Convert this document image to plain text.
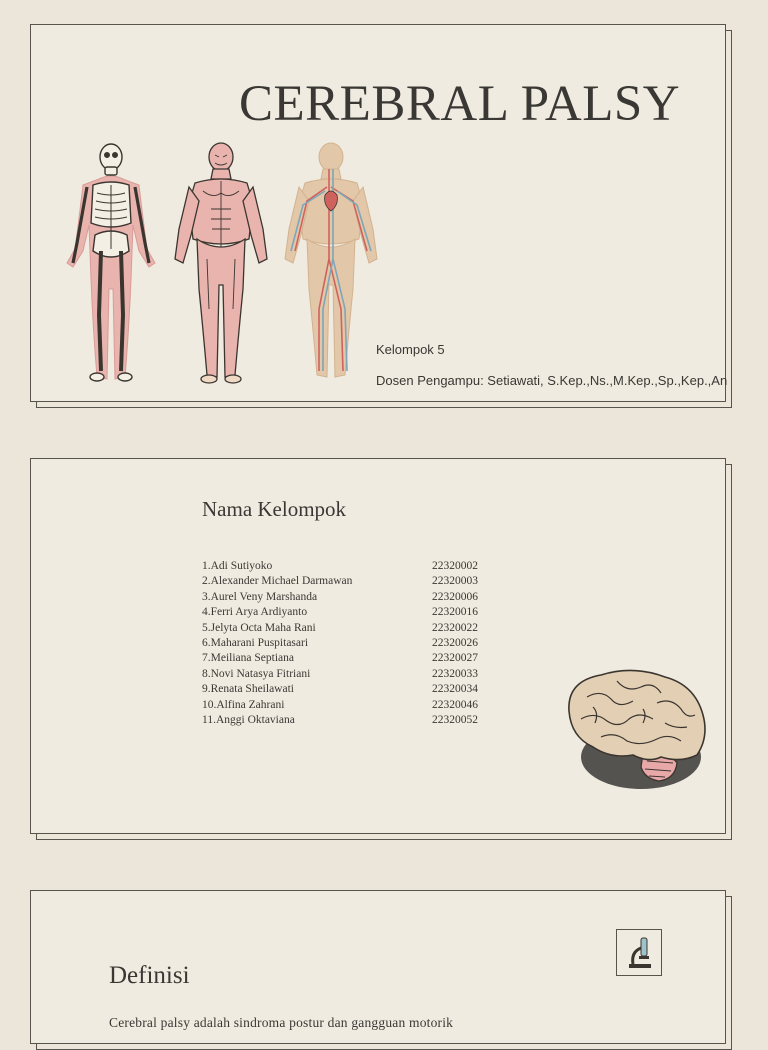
CEREBRAL PALSY
Kelompok 5
Dosen Pengampu: Setiawati, S.Kep.,Ns.,M.Kep.,Sp.,Kep.,An
Nama Kelompok
1.Adi Sutiyoko	22320002
2.Alexander Michael Darmawan	22320003
3.Aurel Veny Marshanda	22320006
4.Ferri Arya Ardiyanto	22320016
5.Jelyta Octa Maha Rani	22320022
6.Maharani Puspitasari	22320026
7.Meiliana Septiana	22320027
8.Novi Natasya Fitriani	22320033
9.Renata Sheilawati	22320034
10.Alfina Zahrani	22320046
11.Anggi Oktaviana	22320052
Definisi
Cerebral palsy adalah sindroma postur dan gangguan motorik
